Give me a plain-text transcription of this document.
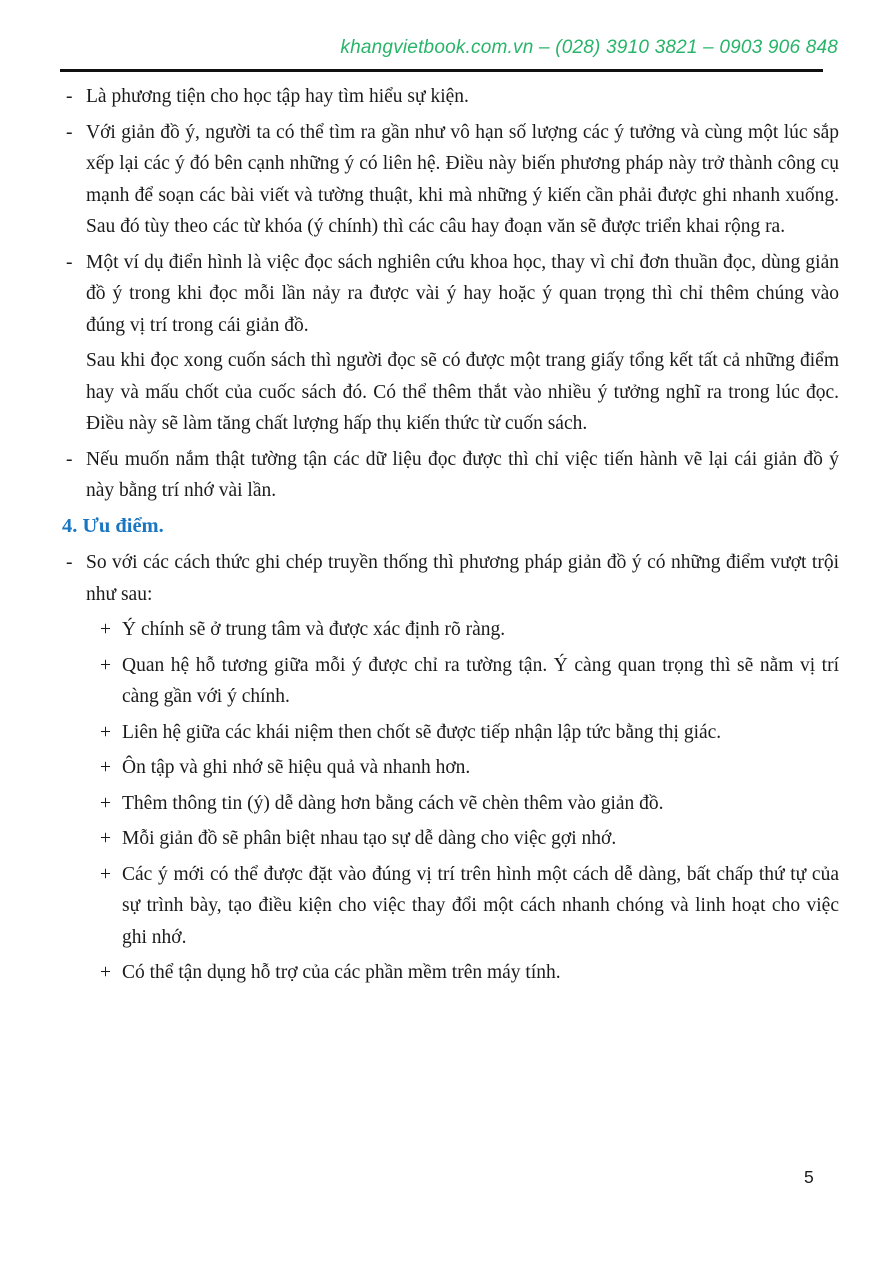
khangvietbook.com.vn – (028) 3910 3821 – 0903 906 848
- Là phương tiện cho học tập hay tìm hiểu sự kiện.

- Với giản đồ ý, người ta có thể tìm ra gần như vô hạn số lượng các ý tưởng và cùng một lúc sắp xếp lại các ý đó bên cạnh những ý có liên hệ. Điều này biến phương pháp này trở thành công cụ mạnh để soạn các bài viết và tường thuật, khi mà những ý kiến cần phải được ghi nhanh xuống. Sau đó tùy theo các từ khóa (ý chính) thì các câu hay đoạn văn sẽ được triển khai rộng ra.

- Một ví dụ điển hình là việc đọc sách nghiên cứu khoa học, thay vì chỉ đơn thuần đọc, dùng giản đồ ý trong khi đọc mỗi lần nảy ra được vài ý hay hoặc ý quan trọng thì chỉ thêm chúng vào đúng vị trí trong cái giản đồ.

Sau khi đọc xong cuốn sách thì người đọc sẽ có được một trang giấy tổng kết tất cả những điểm hay và mấu chốt của cuốc sách đó. Có thể thêm thắt vào nhiều ý tưởng nghĩ ra trong lúc đọc. Điều này sẽ làm tăng chất lượng hấp thụ kiến thức từ cuốn sách.

- Nếu muốn nắm thật tường tận các dữ liệu đọc được thì chỉ việc tiến hành vẽ lại cái giản đồ ý này bằng trí nhớ vài lần.

4. Ưu điểm.
- So với các cách thức ghi chép truyền thống thì phương pháp giản đồ ý có những điểm vượt trội như sau:

+ Ý chính sẽ ở trung tâm và được xác định rõ ràng.

+ Quan hệ hỗ tương giữa mỗi ý được chỉ ra tường tận. Ý càng quan trọng thì sẽ nằm vị trí càng gần với ý chính.

+ Liên hệ giữa các khái niệm then chốt sẽ được tiếp nhận lập tức bằng thị giác.

+ Ôn tập và ghi nhớ sẽ hiệu quả và nhanh hơn.

+ Thêm thông tin (ý) dễ dàng hơn bằng cách vẽ chèn thêm vào giản đồ.

+ Mỗi giản đồ sẽ phân biệt nhau tạo sự dễ dàng cho việc gợi nhớ.

+ Các ý mới có thể được đặt vào đúng vị trí trên hình một cách dễ dàng, bất chấp thứ tự của sự trình bày, tạo điều kiện cho việc thay đổi một cách nhanh chóng và linh hoạt cho việc ghi nhớ.

+ Có thể tận dụng hỗ trợ của các phần mềm trên máy tính.

5
